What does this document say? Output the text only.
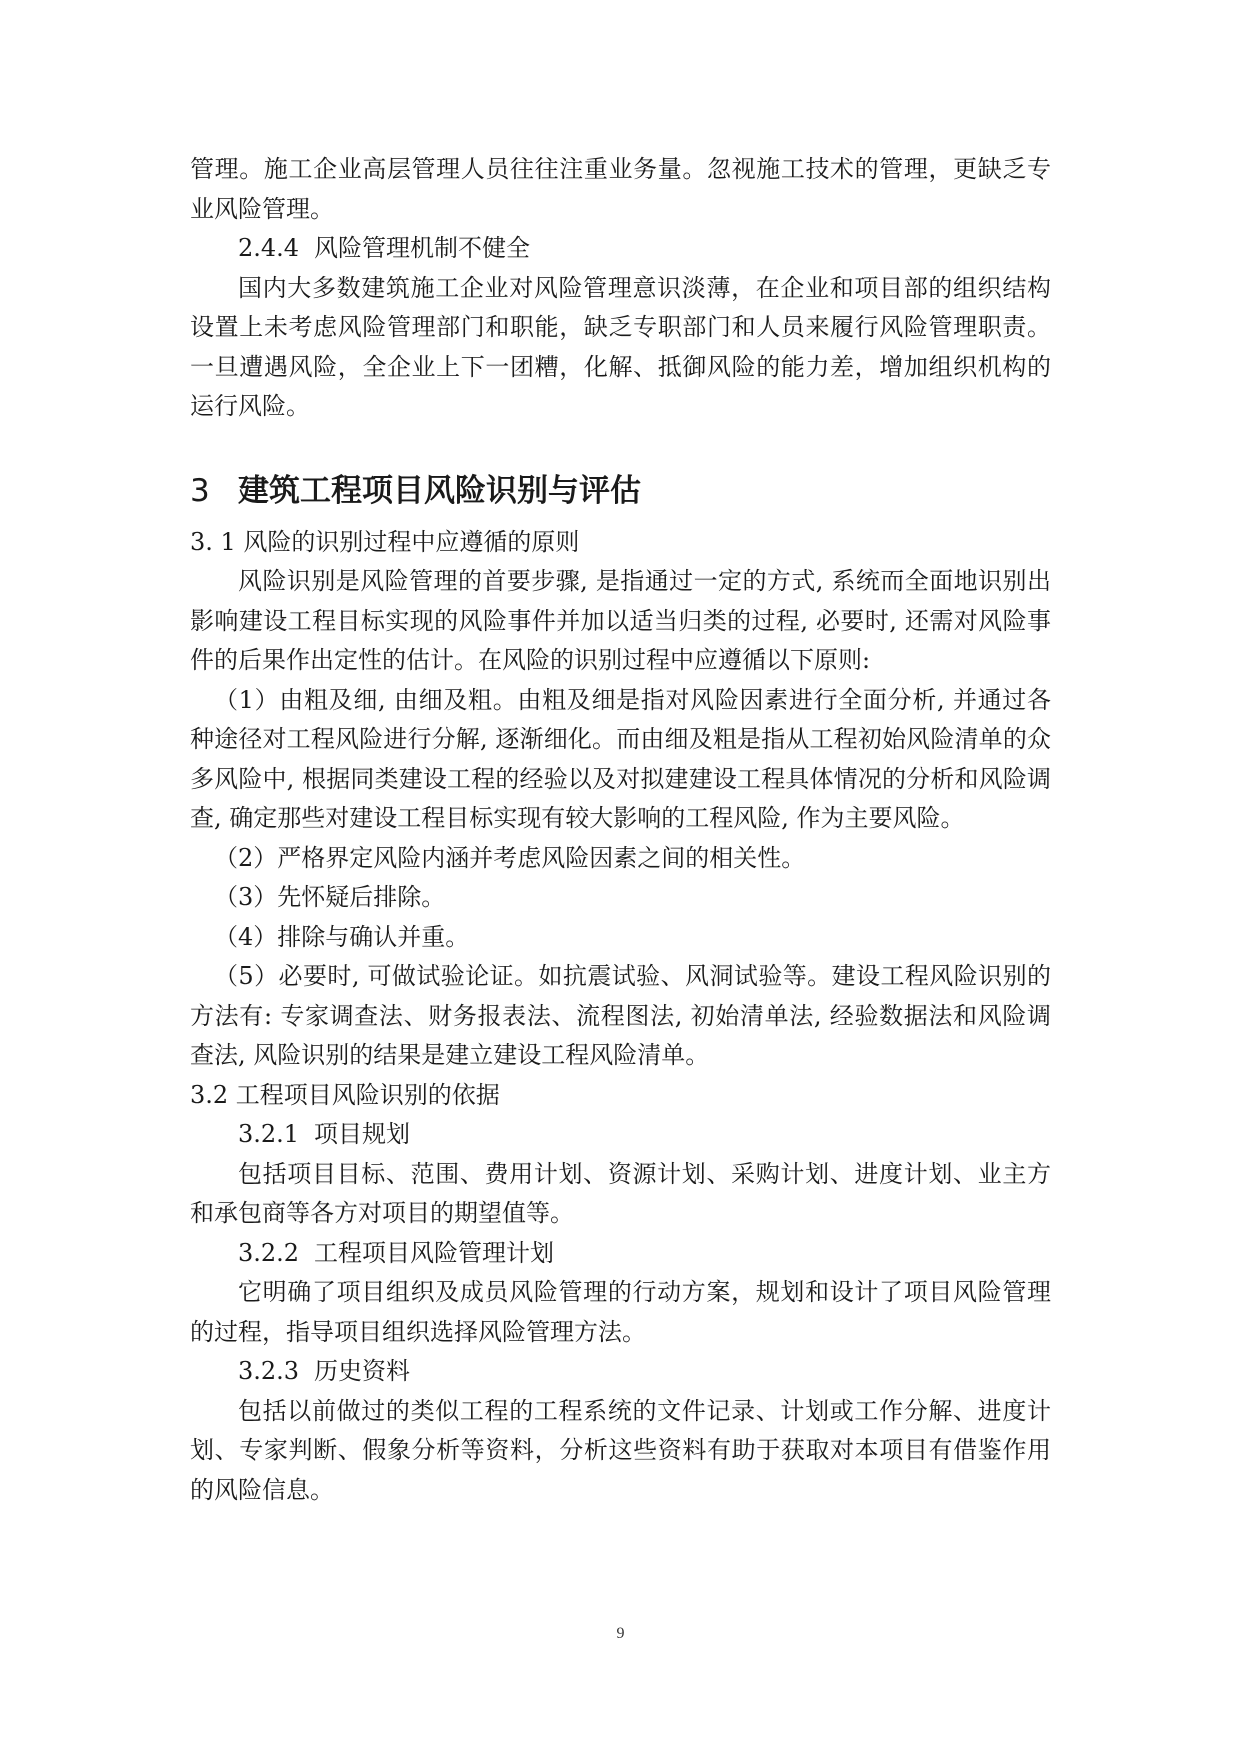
管理。施工企业高层管理人员往往注重业务量。忽视施工技术的管理，更缺乏专业风险管理。

2.4.4 风险管理机制不健全

国内大多数建筑施工企业对风险管理意识淡薄，在企业和项目部的组织结构设置上未考虑风险管理部门和职能，缺乏专职部门和人员来履行风险管理职责。一旦遭遇风险，全企业上下一团糟，化解、抵御风险的能力差，增加组织机构的运行风险。

3 建筑工程项目风险识别与评估
3. 1 风险的识别过程中应遵循的原则

风险识别是风险管理的首要步骤, 是指通过一定的方式, 系统而全面地识别出影响建设工程目标实现的风险事件并加以适当归类的过程, 必要时, 还需对风险事件的后果作出定性的估计。在风险的识别过程中应遵循以下原则:

（1）由粗及细, 由细及粗。由粗及细是指对风险因素进行全面分析, 并通过各种途径对工程风险进行分解, 逐渐细化。而由细及粗是指从工程初始风险清单的众多风险中, 根据同类建设工程的经验以及对拟建建设工程具体情况的分析和风险调查, 确定那些对建设工程目标实现有较大影响的工程风险, 作为主要风险。

（2）严格界定风险内涵并考虑风险因素之间的相关性。

（3）先怀疑后排除。

（4）排除与确认并重。

（5）必要时, 可做试验论证。如抗震试验、风洞试验等。建设工程风险识别的方法有: 专家调查法、财务报表法、流程图法, 初始清单法, 经验数据法和风险调查法, 风险识别的结果是建立建设工程风险清单。

3.2 工程项目风险识别的依据
3.2.1 项目规划

包括项目目标、范围、费用计划、资源计划、采购计划、进度计划、业主方和承包商等各方对项目的期望值等。

3.2.2 工程项目风险管理计划

它明确了项目组织及成员风险管理的行动方案，规划和设计了项目风险管理的过程，指导项目组织选择风险管理方法。

3.2.3 历史资料

包括以前做过的类似工程的工程系统的文件记录、计划或工作分解、进度计划、专家判断、假象分析等资料，分析这些资料有助于获取对本项目有借鉴作用的风险信息。

9
